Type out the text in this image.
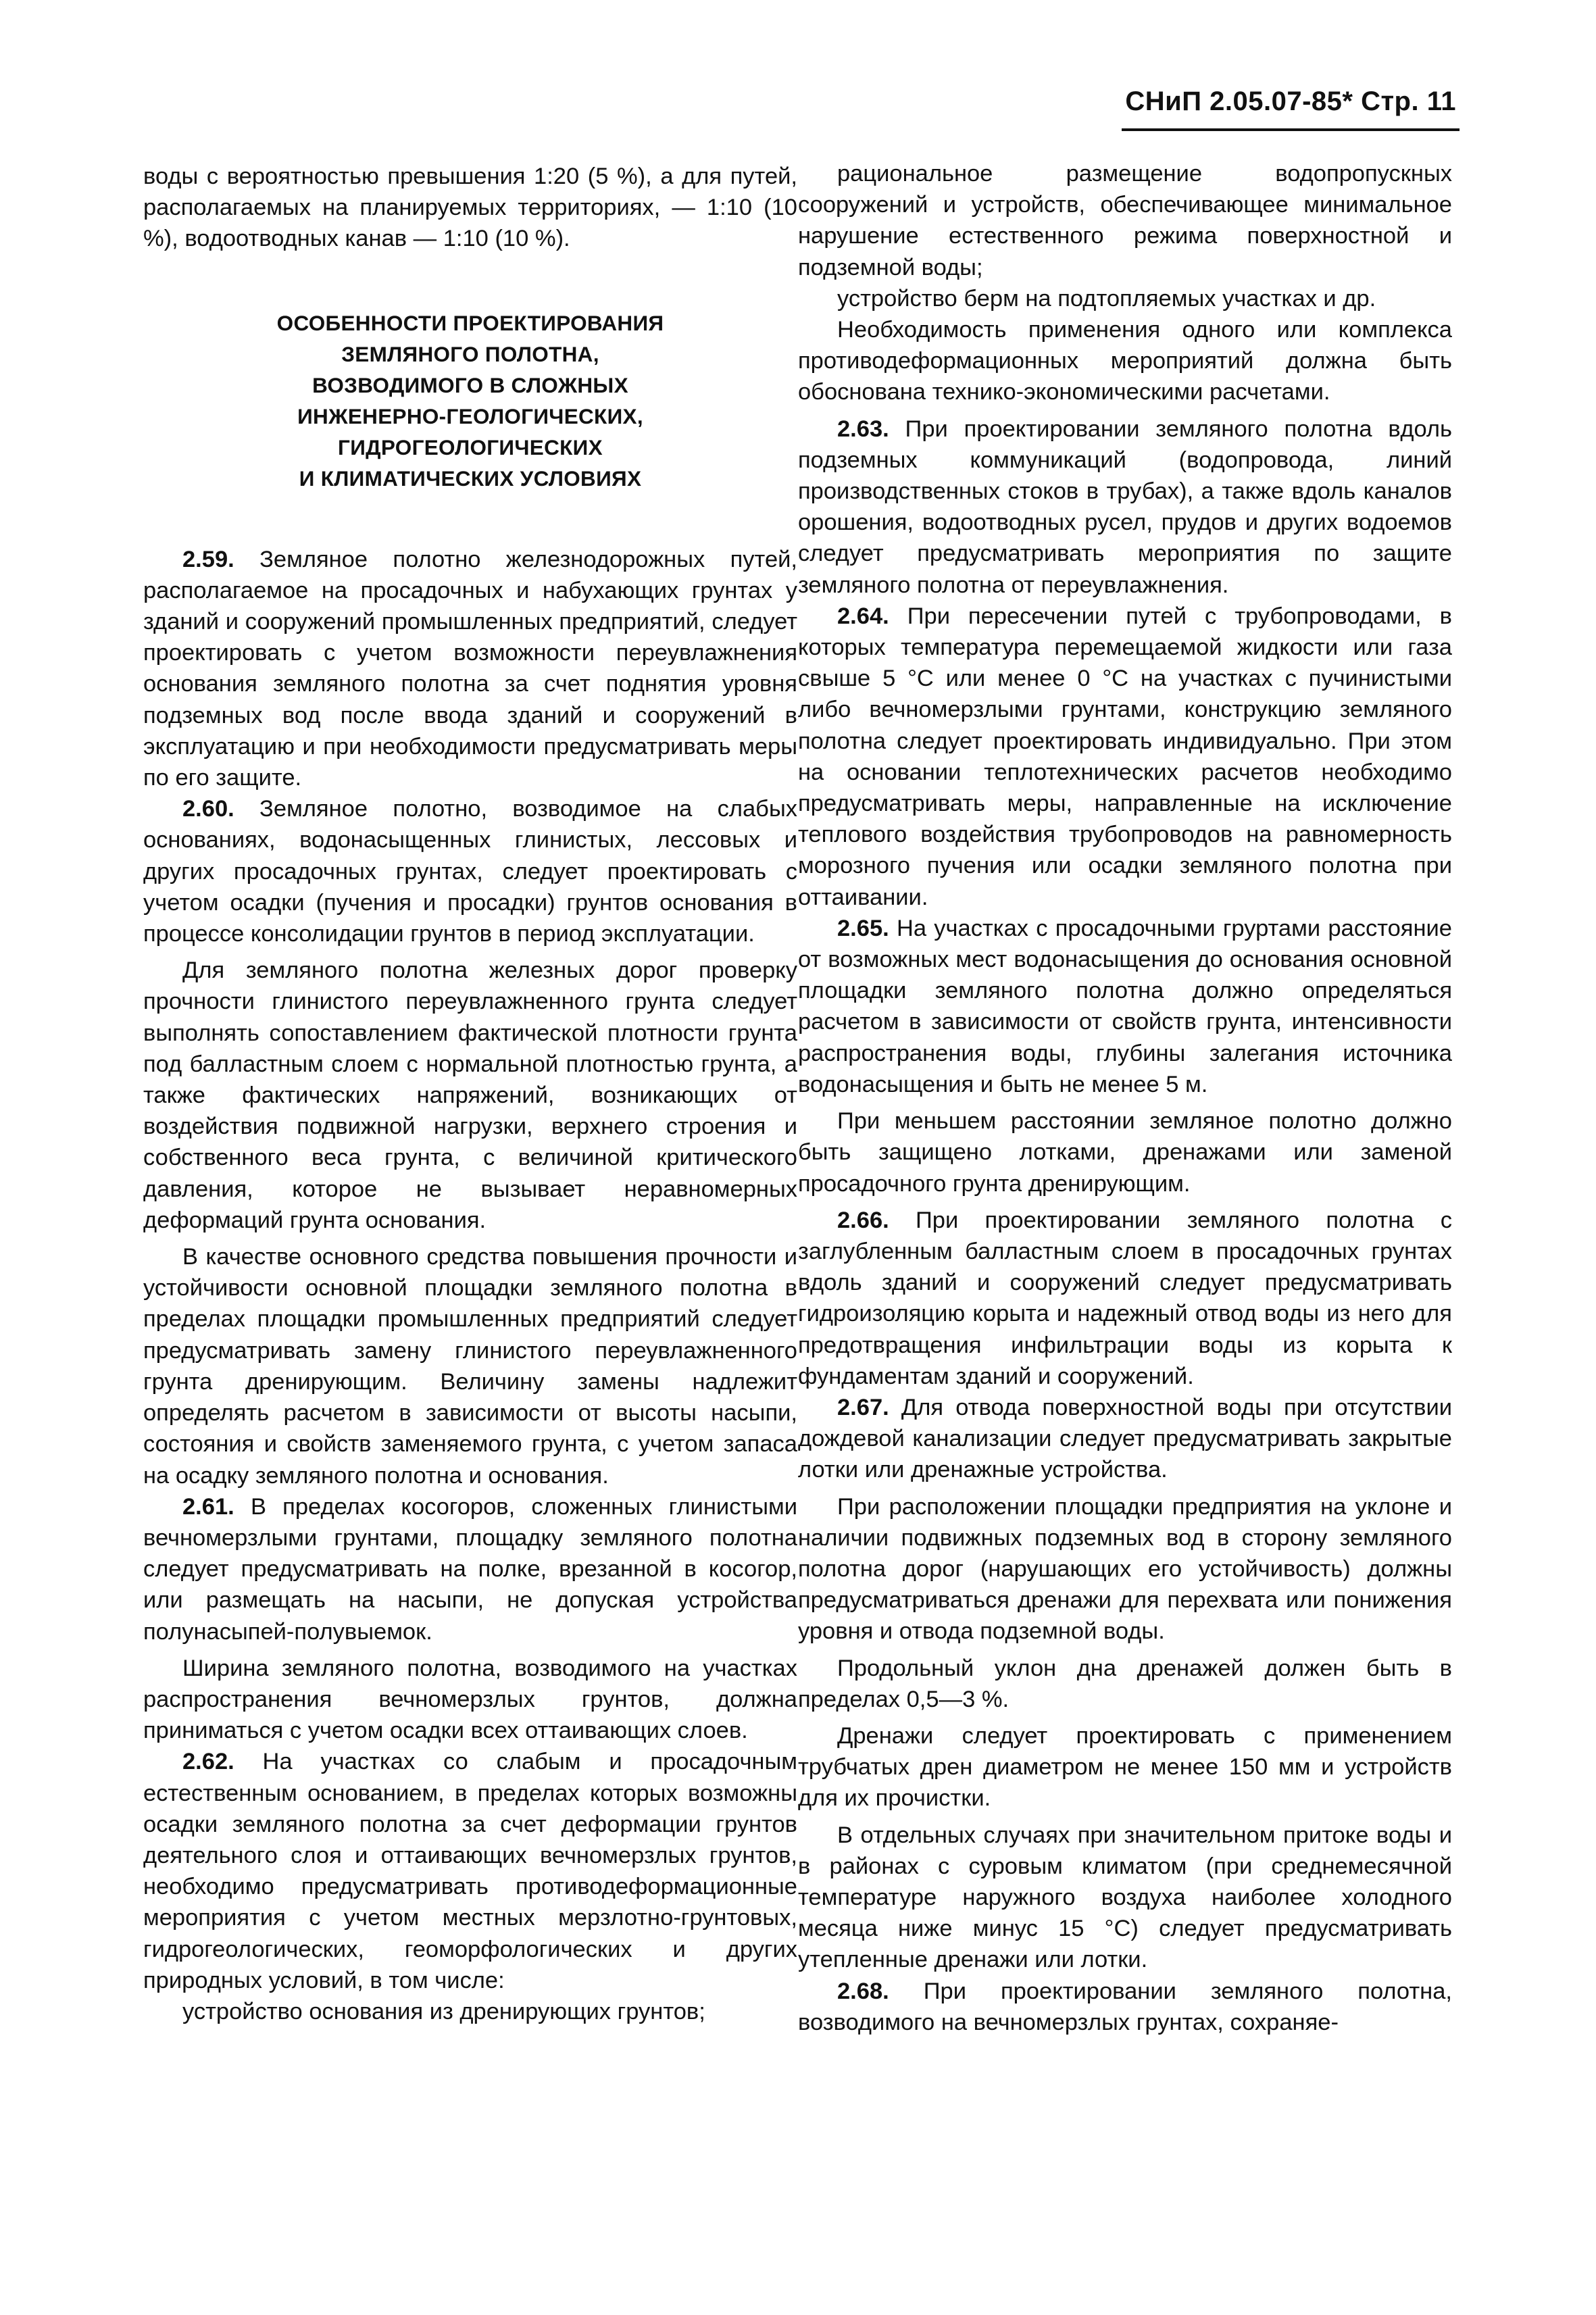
СНиП 2.05.07-85* Стр. 11

воды с вероятностью превышения 1:20 (5 %), а для путей, располагаемых на планируемых территориях, — 1:10 (10 %), водоотводных канав — 1:10 (10 %).

ОСОБЕННОСТИ ПРОЕКТИРОВАНИЯ
ЗЕМЛЯНОГО ПОЛОТНА,
ВОЗВОДИМОГО В СЛОЖНЫХ
ИНЖЕНЕРНО-ГЕОЛОГИЧЕСКИХ,
ГИДРОГЕОЛОГИЧЕСКИХ
И КЛИМАТИЧЕСКИХ УСЛОВИЯХ

2.59. Земляное полотно железнодорожных путей, располагаемое на просадочных и набухающих грунтах у зданий и сооружений промышленных предприятий, следует проектировать с учетом возможности переувлажнения основания земляного полотна за счет поднятия уровня подземных вод после ввода зданий и сооружений в эксплуатацию и при необходимости предусматривать меры по его защите.

2.60. Земляное полотно, возводимое на слабых основаниях, водонасыщенных глинистых, лессовых и других просадочных грунтах, следует проектировать с учетом осадки (пучения и просадки) грунтов основания в процессе консолидации грунтов в период эксплуатации.

Для земляного полотна железных дорог проверку прочности глинистого переувлажненного грунта следует выполнять сопоставлением фактической плотности грунта под балластным слоем с нормальной плотностью грунта, а также фактических напряжений, возникающих от воздействия подвижной нагрузки, верхнего строения и собственного веса грунта, с величиной критического давления, которое не вызывает неравномерных деформаций грунта основания.

В качестве основного средства повышения прочности и устойчивости основной площадки земляного полотна в пределах площадки промышленных предприятий следует предусматривать замену глинистого переувлажненного грунта дренирующим. Величину замены надлежит определять расчетом в зависимости от высоты насыпи, состояния и свойств заменяемого грунта, с учетом запаса на осадку земляного полотна и основания.

2.61. В пределах косогоров, сложенных глинистыми вечномерзлыми грунтами, площадку земляного полотна следует предусматривать на полке, врезанной в косогор, или размещать на насыпи, не допуская устройства полунасыпей-полувыемок.

Ширина земляного полотна, возводимого на участках распространения вечномерзлых грунтов, должна приниматься с учетом осадки всех оттаивающих слоев.

2.62. На участках со слабым и просадочным естественным основанием, в пределах которых возможны осадки земляного полотна за счет деформации грунтов деятельного слоя и оттаивающих вечномерзлых грунтов, необходимо предусматривать противодеформационные мероприятия с учетом местных мерзлотно-грунтовых, гидрогеологических, геоморфологических и других природных условий, в том числе:

устройство основания из дренирующих грунтов;

рациональное размещение водопропускных сооружений и устройств, обеспечивающее минимальное нарушение естественного режима поверхностной и подземной воды;

устройство берм на подтопляемых участках и др.

Необходимость применения одного или комплекса противодеформационных мероприятий должна быть обоснована технико-экономическими расчетами.

2.63. При проектировании земляного полотна вдоль подземных коммуникаций (водопровода, линий производственных стоков в трубах), а также вдоль каналов орошения, водоотводных русел, прудов и других водоемов следует предусматривать мероприятия по защите земляного полотна от переувлажнения.

2.64. При пересечении путей с трубопроводами, в которых температура перемещаемой жидкости или газа свыше 5 °С или менее 0 °С на участках с пучинистыми либо вечномерзлыми грунтами, конструкцию земляного полотна следует проектировать индивидуально. При этом на основании теплотехнических расчетов необходимо предусматривать меры, направленные на исключение теплового воздействия трубопроводов на равномерность морозного пучения или осадки земляного полотна при оттаивании.

2.65. На участках с просадочными груртами расстояние от возможных мест водонасыщения до основания основной площадки земляного полотна должно определяться расчетом в зависимости от свойств грунта, интенсивности распространения воды, глубины залегания источника водонасыщения и быть не менее 5 м.

При меньшем расстоянии земляное полотно должно быть защищено лотками, дренажами или заменой просадочного грунта дренирующим.

2.66. При проектировании земляного полотна с заглубленным балластным слоем в просадочных грунтах вдоль зданий и сооружений следует предусматривать гидроизоляцию корыта и надежный отвод воды из него для предотвращения инфильтрации воды из корыта к фундаментам зданий и сооружений.

2.67. Для отвода поверхностной воды при отсутствии дождевой канализации следует предусматривать закрытые лотки или дренажные устройства.

При расположении площадки предприятия на уклоне и наличии подвижных подземных вод в сторону земляного полотна дорог (нарушающих его устойчивость) должны предусматриваться дренажи для перехвата или понижения уровня и отвода подземной воды.

Продольный уклон дна дренажей должен быть в пределах 0,5—3 %.

Дренажи следует проектировать с применением трубчатых дрен диаметром не менее 150 мм и устройств для их прочистки.

В отдельных случаях при значительном притоке воды и в районах с суровым климатом (при среднемесячной температуре наружного воздуха наиболее холодного месяца ниже минус 15 °С) следует предусматривать утепленные дренажи или лотки.

2.68. При проектировании земляного полотна, возводимого на вечномерзлых грунтах, сохраняе-
